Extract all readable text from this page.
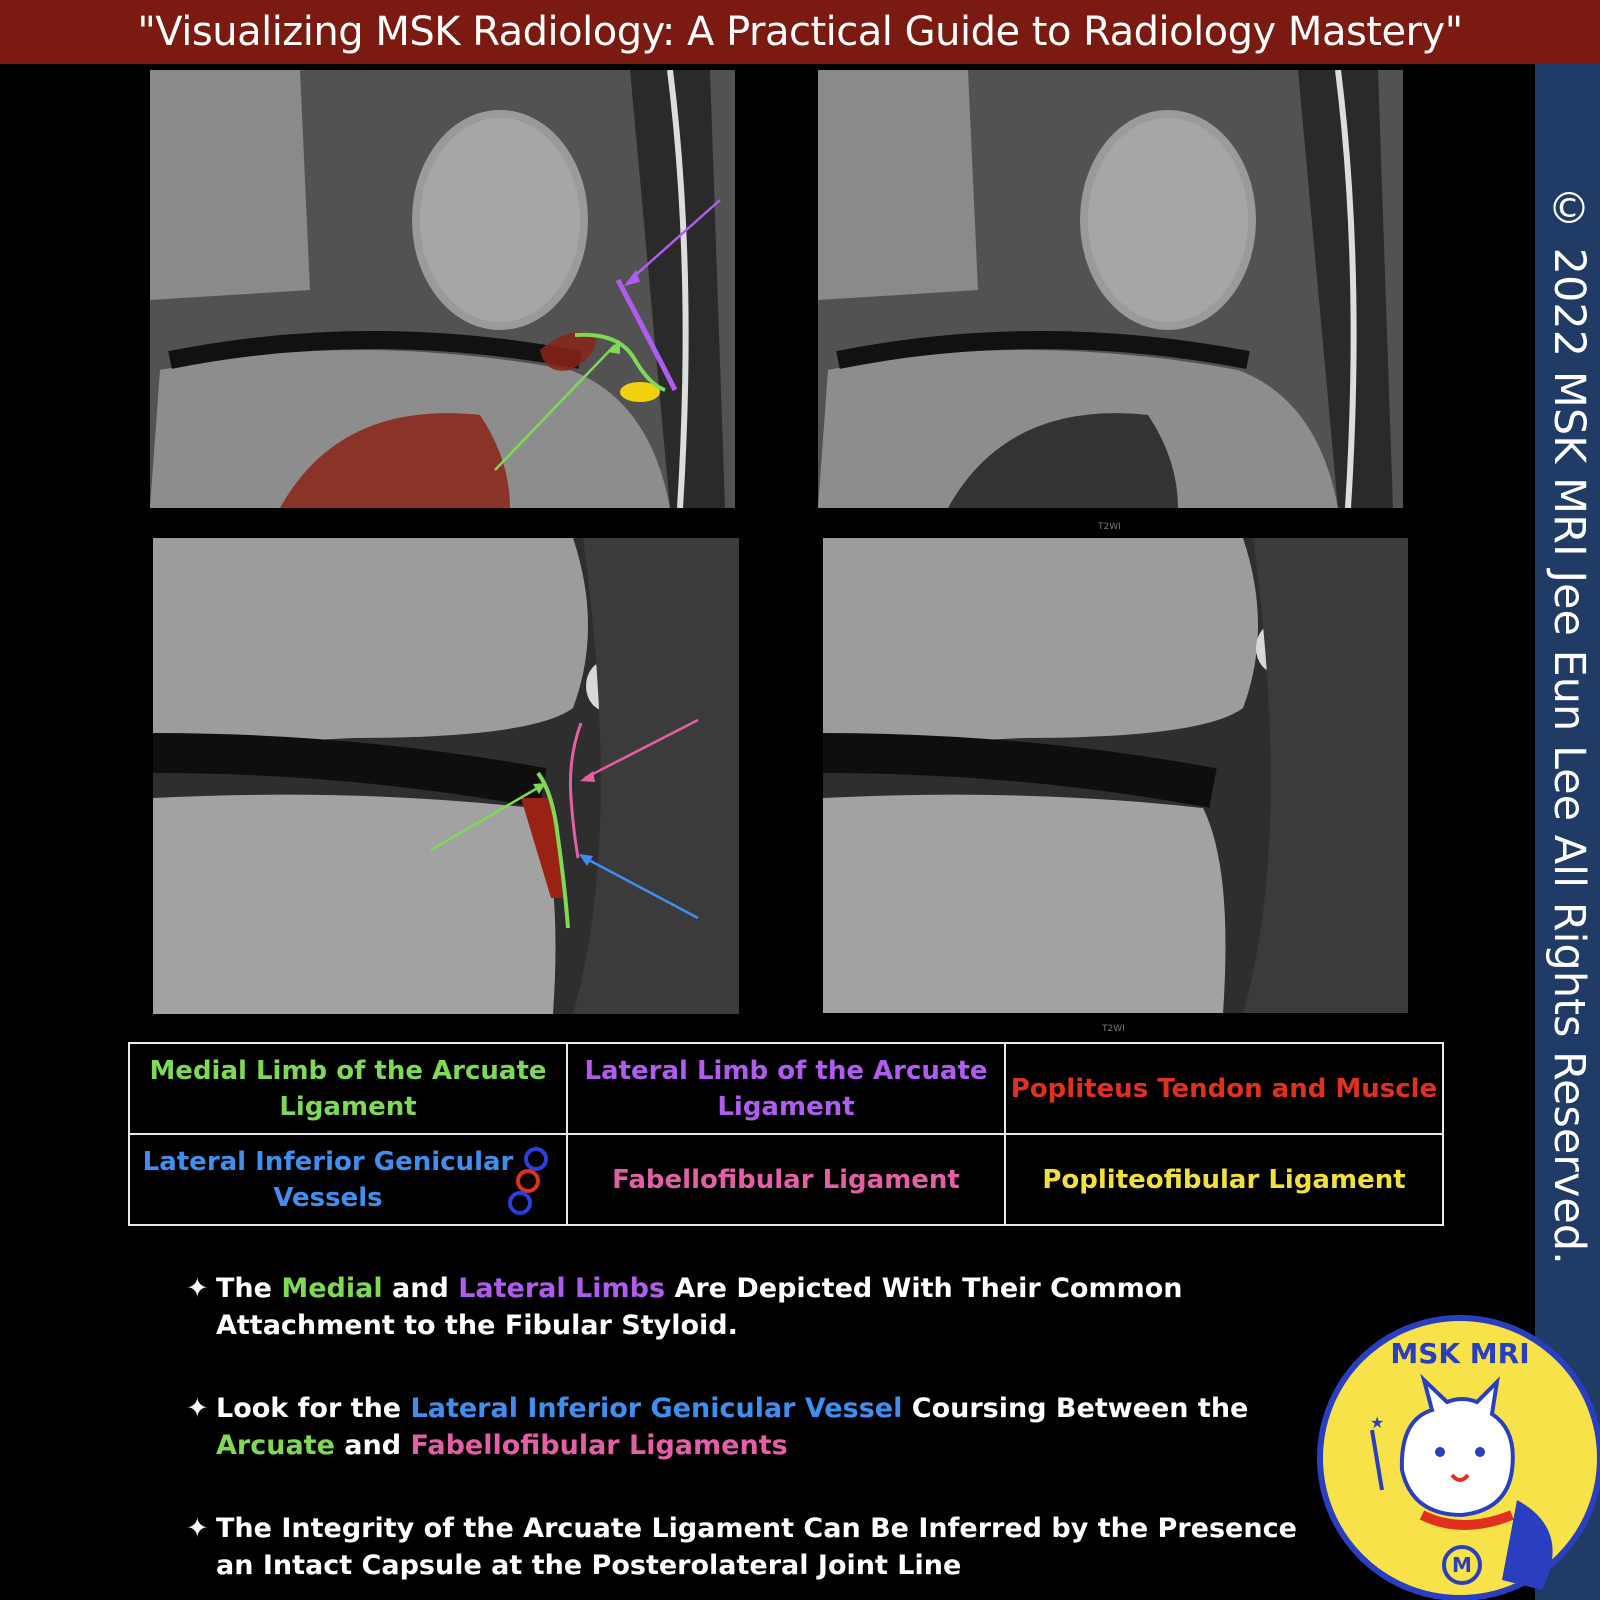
"Visualizing MSK Radiology: A Practical Guide to Radiology Mastery"
© 2022 MSK MRI Jee Eun Lee All Rights Reserved.
T2WI
T2WI
Medial Limb of the Arcuate Ligament	Lateral Limb of the Arcuate Ligament	Popliteus Tendon and Muscle
Lateral Inferior Genicular Vessels	Fabellofibular Ligament	Popliteofibular Ligament
✦ The Medial and Lateral Limbs Are Depicted With Their Common
Attachment to the Fibular Styloid.
✦ Look for the Lateral Inferior Genicular Vessel Coursing Between the
Arcuate and Fabellofibular Ligaments
✦ The Integrity of the Arcuate Ligament Can Be Inferred by the Presence
an Intact Capsule at the Posterolateral Joint Line	M
★
MSK MRI
